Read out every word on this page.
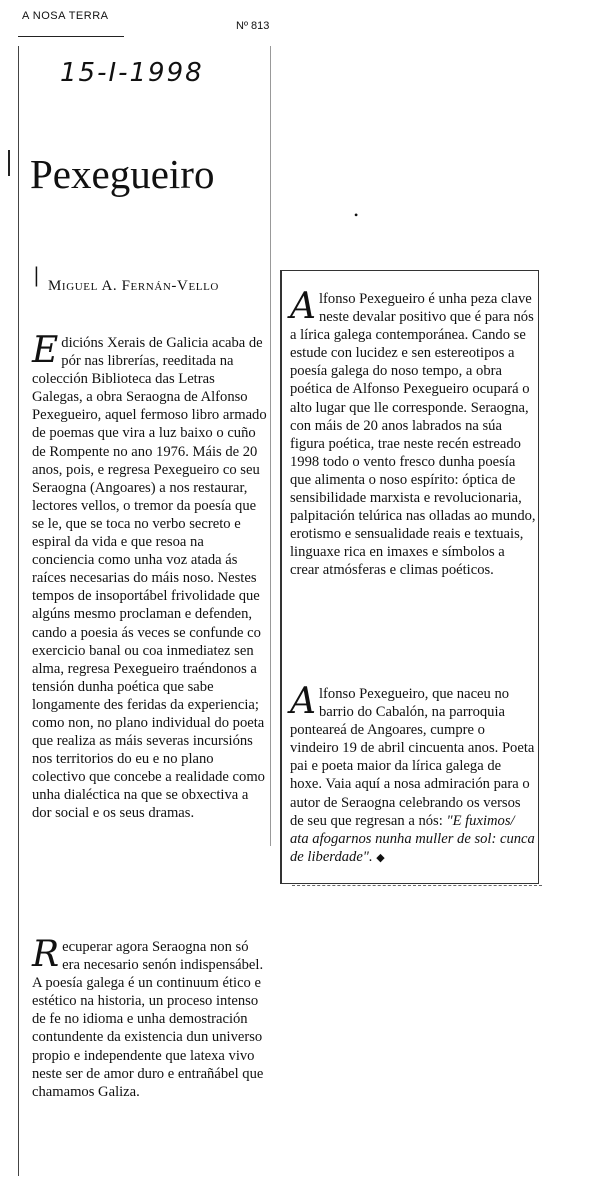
A NOSA TERRA
Nº 813
15-I-1998
Pexegueiro
| Miguel A. Fernán-Vello
•

Edicións Xerais de Galicia acaba de pór nas librerías, reeditada na colección Biblioteca das Letras Galegas, a obra Seraogna de Alfonso Pexegueiro, aquel fermoso libro armado de poemas que vira a luz baixo o cuño de Rompente no ano 1976. Máis de 20 anos, pois, e regresa Pexegueiro co seu Seraogna (Angoares) a nos restaurar, lectores vellos, o tremor da poesía que se le, que se toca no verbo secreto e espiral da vida e que resoa na conciencia como unha voz atada ás raíces necesarias do máis noso. Nestes tempos de insoportábel frivolidade que algúns mesmo proclaman e defenden, cando a poesia ás veces se confunde co exercicio banal ou coa inmediatez sen alma, regresa Pexegueiro traéndonos a tensión dunha poética que sabe longamente des feridas da experiencia; como non, no plano individual do poeta que realiza as máis severas incursións nos territorios do eu e no plano colectivo que concebe a realidade como unha dialéctica na que se obxectiva a dor social e os seus dramas.

Recuperar agora Seraogna non só era necesario senón indispensábel. A poesía galega é un continuum ético e estético na historia, un proceso intenso de fe no idioma e unha demostración contundente da existencia dun universo propio e independente que latexa vivo neste ser de amor duro e entrañábel que chamamos Galiza.

Alfonso Pexegueiro é unha peza clave neste devalar positivo que é para nós a lírica galega contemporánea. Cando se estude con lucidez e sen estereotipos a poesía galega do noso tempo, a obra poética de Alfonso Pexegueiro ocupará o alto lugar que lle corresponde. Seraogna, con máis de 20 anos labrados na súa figura poética, trae neste recén estreado 1998 todo o vento fresco dunha poesía que alimenta o noso espírito: óptica de sensibilidade marxista e revolucionaria, palpitación telúrica nas olladas ao mundo, erotismo e sensualidade reais e textuais, linguaxe rica en imaxes e símbolos a crear atmósferas e climas poéticos.

Alfonso Pexegueiro, que naceu no barrio do Cabalón, na parroquia ponteareá de Angoares, cumpre o vindeiro 19 de abril cincuenta anos. Poeta pai e poeta maior da lírica galega de hoxe. Vaia aquí a nosa admiración para o autor de Seraogna celebrando os versos de seu que regresan a nós: "E fuximos/ ata afogarnos nunha muller de sol: cunca de liberdade". ◆
